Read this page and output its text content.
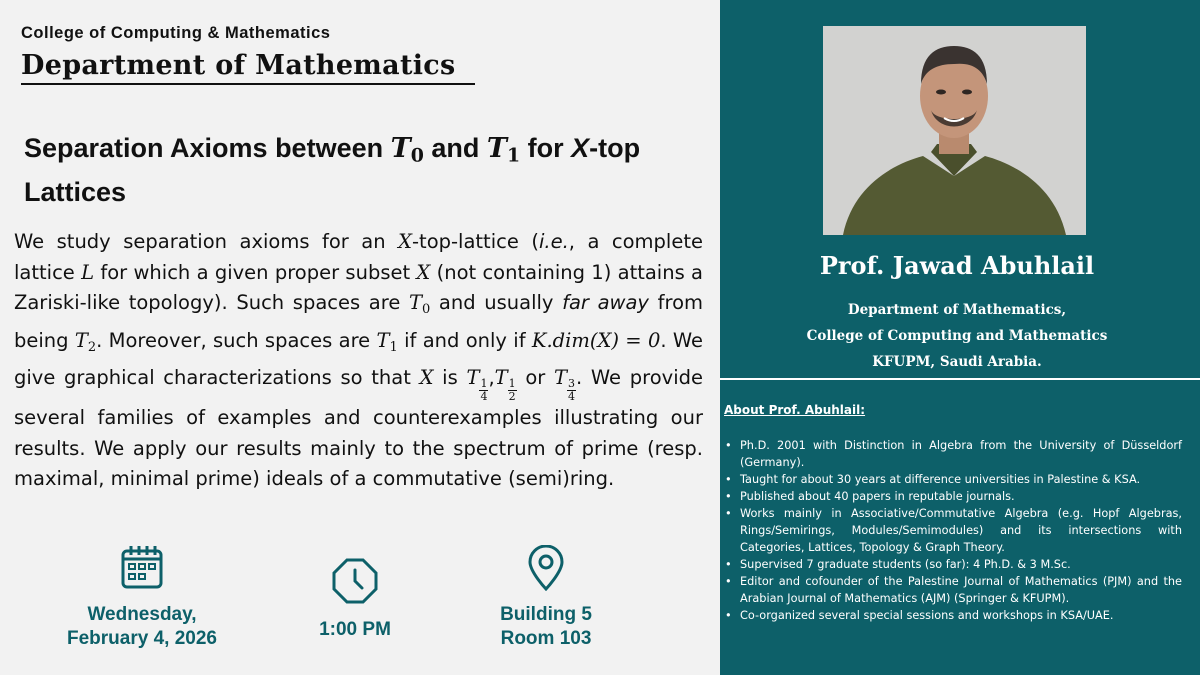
College of Computing & Mathematics
Department of Mathematics
Separation Axioms between $T_0$ and $T_1$ for X-top Lattices
We study separation axioms for an X-top-lattice (i.e., a complete lattice L for which a given proper subset X (not containing 1) attains a Zariski-like topology). Such spaces are $T_0$ and usually far away from being $T_2$. Moreover, such spaces are $T_1$ if and only if K.dim(X) = 0. We give graphical characterizations so that X is T
$\frac{1}{4}$
,T
$\frac{1}{2}$
or T
$\frac{3}{4}$
. We provide several families of examples and counterexamples illustrating our results. We apply our results mainly to the spectrum of prime (resp. maximal, minimal prime) ideals of a commutative (semi)ring.
Wednesday,
February 4, 2026	1:00 PM
Building 5
Room 103
Prof. Jawad Abuhlail
Department of Mathematics,
College of Computing and Mathematics
KFUPM, Saudi Arabia.
About Prof. Abuhlail:
• Ph.D. 2001 with Distinction in Algebra from the University of Düsseldorf (Germany).
• Taught for about 30 years at difference universities in Palestine & KSA.
• Published about 40 papers in reputable journals.
• Works mainly in Associative/Commutative Algebra (e.g. Hopf Algebras, Rings/Semirings, Modules/Semimodules) and its intersections with Categories, Lattices, Topology & Graph Theory.
• Supervised 7 graduate students (so far): 4 Ph.D. & 3 M.Sc.
• Editor and cofounder of the Palestine Journal of Mathematics (PJM) and the Arabian Journal of Mathematics (AJM) (Springer & KFUPM).
• Co-organized several special sessions and workshops in KSA/UAE.
